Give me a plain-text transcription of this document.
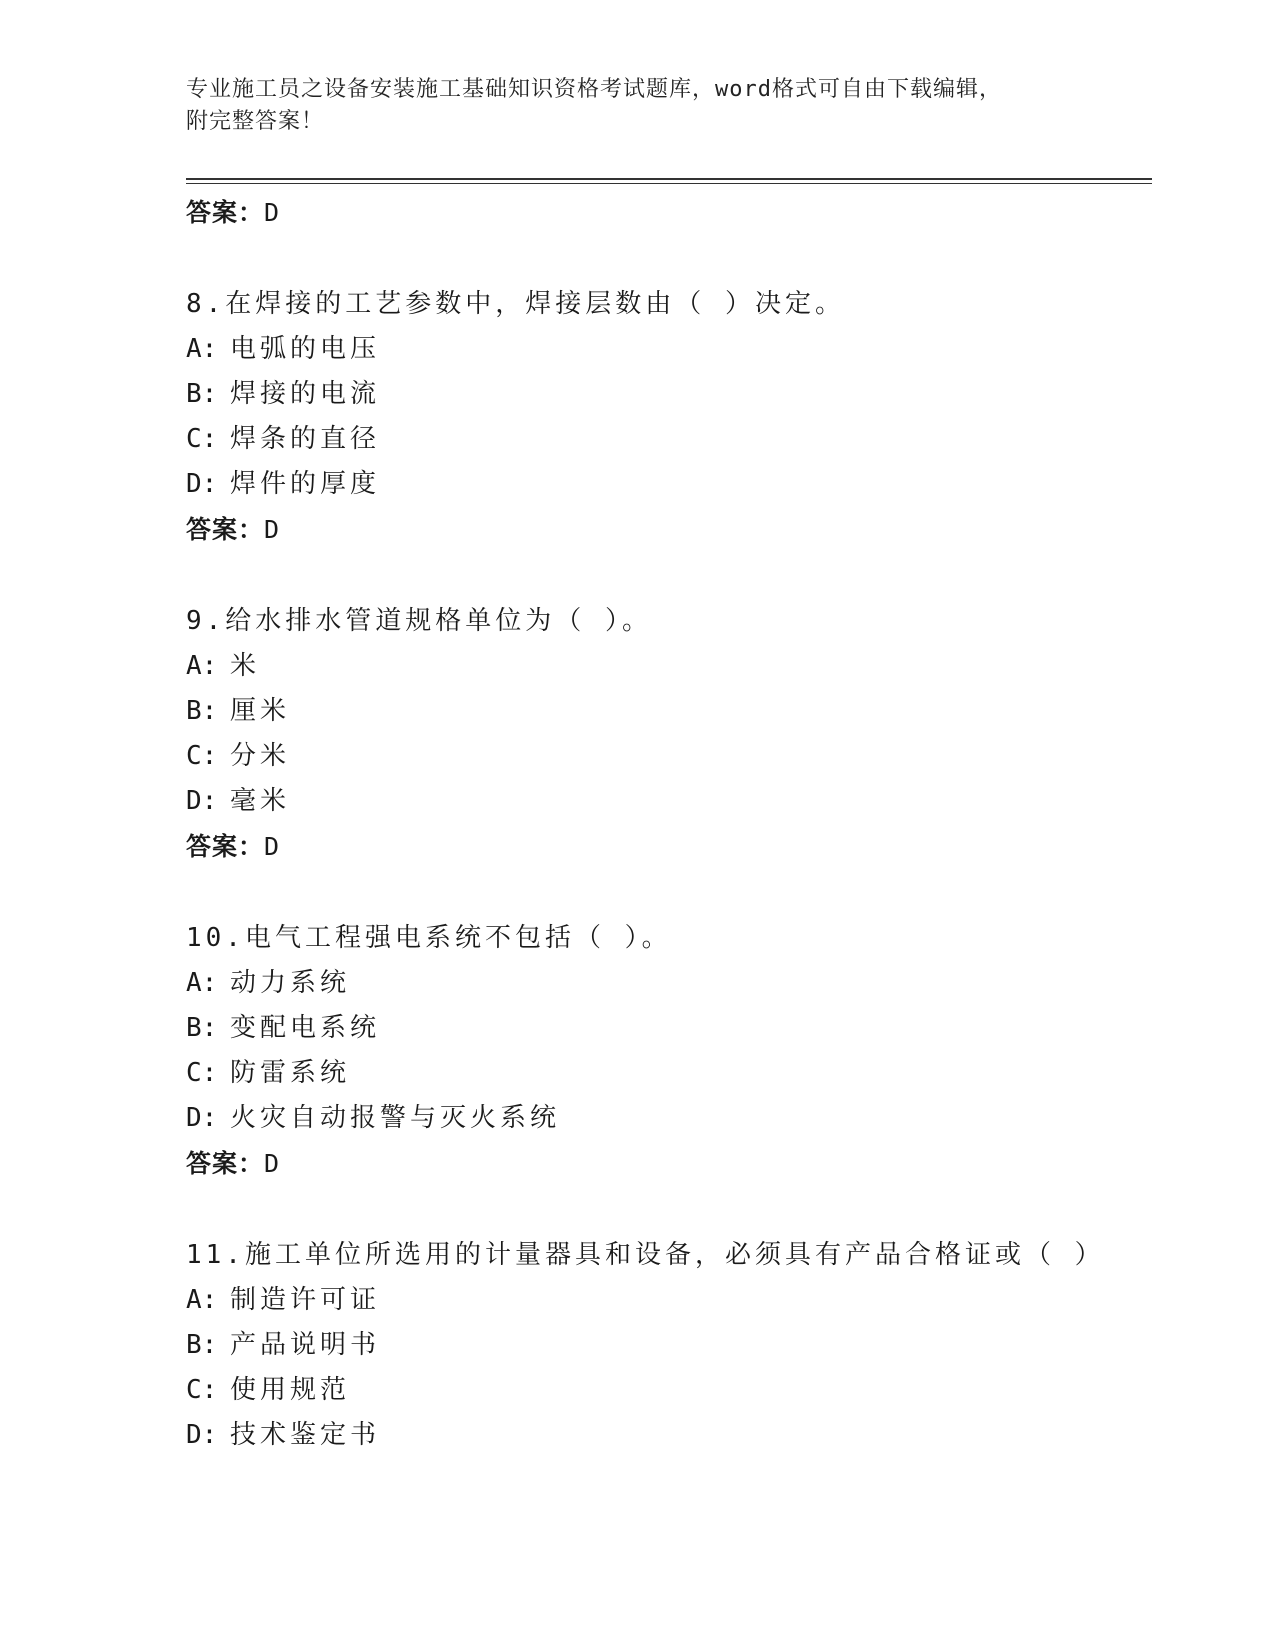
专业施工员之设备安装施工基础知识资格考试题库，word格式可自由下载编辑，
附完整答案！
答案：D
8.在焊接的工艺参数中，焊接层数由（ ）决定。
A: 电弧的电压
B: 焊接的电流
C: 焊条的直径
D: 焊件的厚度
答案：D
9.给水排水管道规格单位为（ ）。
A: 米
B: 厘米
C: 分米
D: 毫米
答案：D
10.电气工程强电系统不包括（ ）。
A: 动力系统
B: 变配电系统
C: 防雷系统
D: 火灾自动报警与灭火系统
答案：D
11.施工单位所选用的计量器具和设备，必须具有产品合格证或（ ）
A: 制造许可证
B: 产品说明书
C: 使用规范
D: 技术鉴定书
